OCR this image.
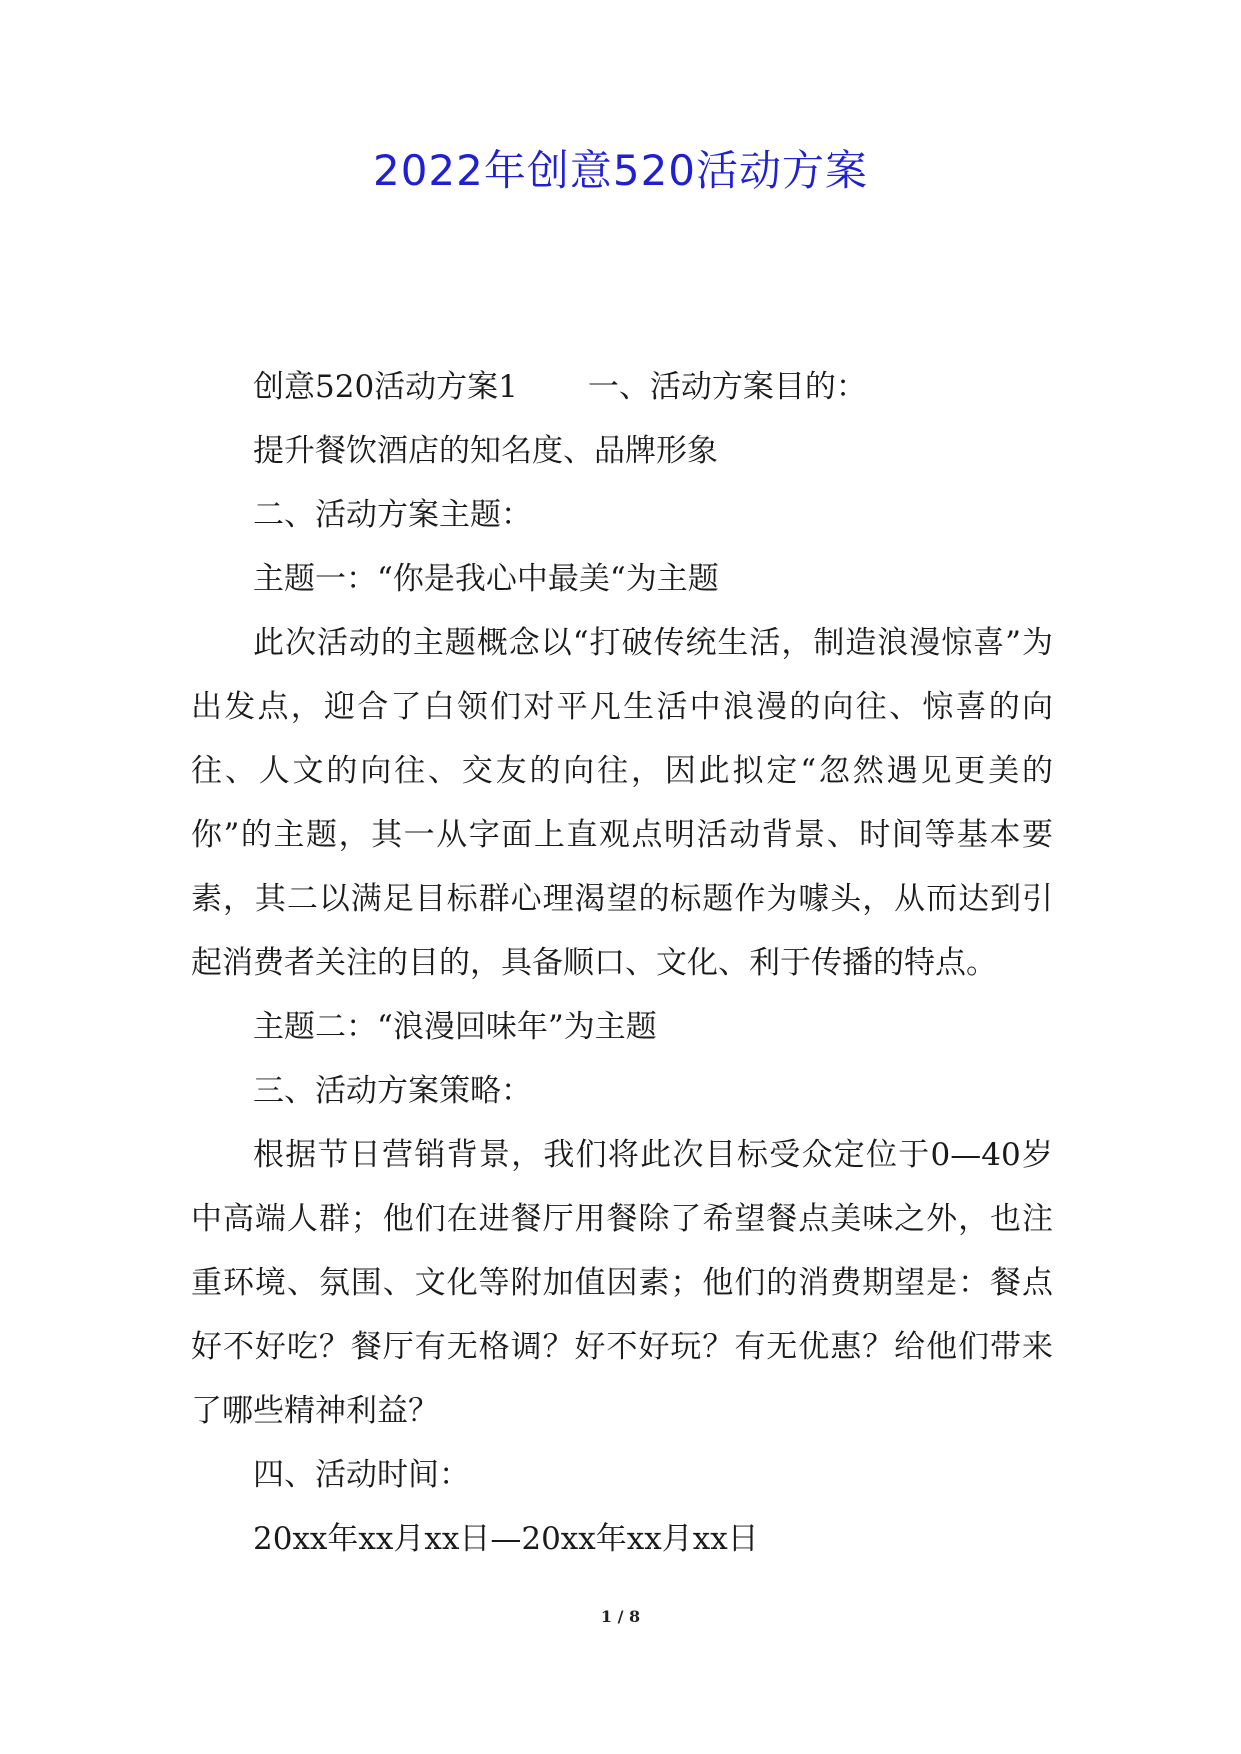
2022年创意520活动方案

创意520活动方案1 一、活动方案目的：

提升餐饮酒店的知名度、品牌形象

二、活动方案主题：

主题一：“你是我心中最美“为主题

此次活动的主题概念以“打破传统生活，制造浪漫惊喜”为出发点，迎合了白领们对平凡生活中浪漫的向往、惊喜的向往、人文的向往、交友的向往，因此拟定“忽然遇见更美的你”的主题，其一从字面上直观点明活动背景、时间等基本要素，其二以满足目标群心理渴望的标题作为噱头，从而达到引起消费者关注的目的，具备顺口、文化、利于传播的特点。

主题二：“浪漫回味年”为主题

三、活动方案策略：

根据节日营销背景，我们将此次目标受众定位于0—40岁中高端人群；他们在进餐厅用餐除了希望餐点美味之外，也注重环境、氛围、文化等附加值因素；他们的消费期望是：餐点好不好吃？餐厅有无格调？好不好玩？有无优惠？给他们带来了哪些精神利益？

四、活动时间：

20xx年xx月xx日—20xx年xx月xx日

1 / 8
